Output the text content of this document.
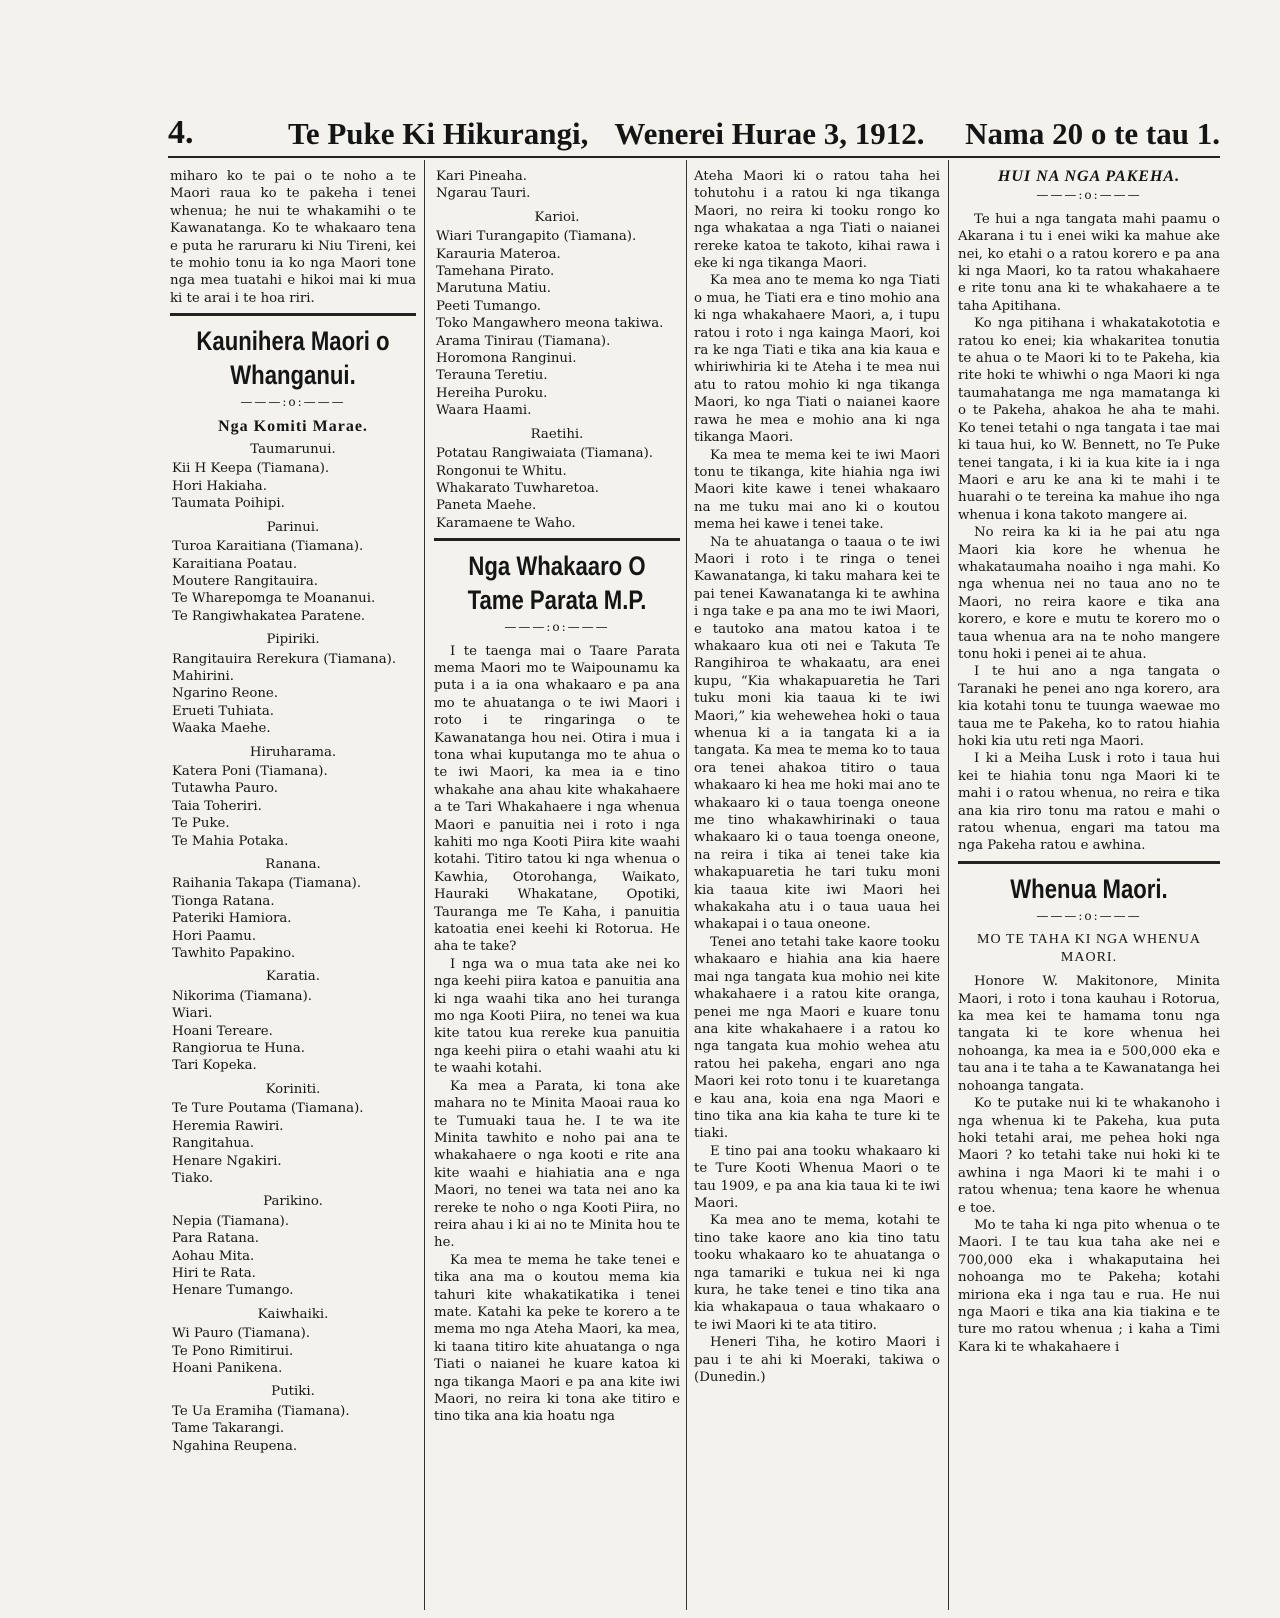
4.	Te Puke Ki Hikurangi, Wenerei Hurae 3, 1912. Nama 20 o te tau 1.

miharo ko te pai o te noho a te Maori raua ko te pakeha i tenei whenua; he nui te whakamihi o te Kawanatanga. Ko te whakaaro tena e puta he raruraru ki Niu Tireni, kei te mohio tonu ia ko nga Maori tone nga mea tuatahi e hikoi mai ki mua ki te arai i te hoa riri.

Kaunihera Maori o Whanganui.
———:o:———
Nga Komiti Marae.
Taumarunui.
Kii H Keepa (Tiamana).
Hori Hakiaha.
Taumata Poihipi.
Parinui.
Turoa Karaitiana (Tiamana).
Karaitiana Poatau.
Moutere Rangitauira.
Te Wharepomga te Moananui.
Te Rangiwhakatea Paratene.
Pipiriki.
Rangitauira Rerekura (Tiamana).
Mahirini.
Ngarino Reone.
Erueti Tuhiata.
Waaka Maehe.
Hiruharama.
Katera Poni (Tiamana).
Tutawha Pauro.
Taia Toheriri.
Te Puke.
Te Mahia Potaka.
Ranana.
Raihania Takapa (Tiamana).
Tionga Ratana.
Pateriki Hamiora.
Hori Paamu.
Tawhito Papakino.
Karatia.
Nikorima (Tiamana).
Wiari.
Hoani Tereare.
Rangiorua te Huna.
Tari Kopeka.
Koriniti.
Te Ture Poutama (Tiamana).
Heremia Rawiri.
Rangitahua.
Henare Ngakiri.
Tiako.
Parikino.
Nepia (Tiamana).
Para Ratana.
Aohau Mita.
Hiri te Rata.
Henare Tumango.
Kaiwhaiki.
Wi Pauro (Tiamana).
Te Pono Rimitirui.
Hoani Panikena.
Putiki.
Te Ua Eramiha (Tiamana).
Tame Takarangi.
Ngahina Reupena.
Kari Pineaha.
Ngarau Tauri.
Karioi.
Wiari Turangapito (Tiamana).
Karauria Materoa.
Tamehana Pirato.
Marutuna Matiu.
Peeti Tumango.
Toko Mangawhero meona takiwa.
Arama Tinirau (Tiamana).
Horomona Ranginui.
Terauna Teretiu.
Hereiha Puroku.
Waara Haami.
Raetihi.
Potatau Rangiwaiata (Tiamana).
Rongonui te Whitu.
Whakarato Tuwharetoa.
Paneta Maehe.
Karamaene te Waho.
Nga Whakaaro O Tame Parata M.P.
———:o:———

I te taenga mai o Taare Parata mema Maori mo te Waipounamu ka puta i a ia ona whakaaro e pa ana mo te ahuatanga o te iwi Maori i roto i te ringaringa o te Kawanatanga hou nei. Otira i mua i tona whai kuputanga mo te ahua o te iwi Maori, ka mea ia e tino whakahe ana ahau kite whakahaere a te Tari Whakahaere i nga whenua Maori e panuitia nei i roto i nga kahiti mo nga Kooti Piira kite waahi kotahi. Titiro tatou ki nga whenua o Kawhia, Otorohanga, Waikato, Hauraki Whakatane, Opotiki, Tauranga me Te Kaha, i panuitia katoatia enei keehi ki Rotorua. He aha te take?

I nga wa o mua tata ake nei ko nga keehi piira katoa e panuitia ana ki nga waahi tika ano hei turanga mo nga Kooti Piira, no tenei wa kua kite tatou kua rereke kua panuitia nga keehi piira o etahi waahi atu ki te waahi kotahi.

Ka mea a Parata, ki tona ake mahara no te Minita Maoai raua ko te Tumuaki taua he. I te wa ite Minita tawhito e noho pai ana te whakahaere o nga kooti e rite ana kite waahi e hiahiatia ana e nga Maori, no tenei wa tata nei ano ka rereke te noho o nga Kooti Piira, no reira ahau i ki ai no te Minita hou te he.

Ka mea te mema he take tenei e tika ana ma o koutou mema kia tahuri kite whakatikatika i tenei mate. Katahi ka peke te korero a te mema mo nga Ateha Maori, ka mea, ki taana titiro kite ahuatanga o nga Tiati o naianei he kuare katoa ki nga tikanga Maori e pa ana kite iwi Maori, no reira ki tona ake titiro e tino tika ana kia hoatu nga

Ateha Maori ki o ratou taha hei tohutohu i a ratou ki nga tikanga Maori, no reira ki tooku rongo ko nga whakataa a nga Tiati o naianei rereke katoa te takoto, kihai rawa i eke ki nga tikanga Maori.

Ka mea ano te mema ko nga Tiati o mua, he Tiati era e tino mohio ana ki nga whakahaere Maori, a, i tupu ratou i roto i nga kainga Maori, koi ra ke nga Tiati e tika ana kia kaua e whiriwhiria ki te Ateha i te mea nui atu to ratou mohio ki nga tikanga Maori, ko nga Tiati o naianei kaore rawa he mea e mohio ana ki nga tikanga Maori.

Ka mea te mema kei te iwi Maori tonu te tikanga, kite hiahia nga iwi Maori kite kawe i tenei whakaaro na me tuku mai ano ki o koutou mema hei kawe i tenei take.

Na te ahuatanga o taaua o te iwi Maori i roto i te ringa o tenei Kawanatanga, ki taku mahara kei te pai tenei Kawanatanga ki te awhina i nga take e pa ana mo te iwi Maori, e tautoko ana matou katoa i te whakaaro kua oti nei e Takuta Te Rangihiroa te whakaatu, ara enei kupu, “Kia whakapuaretia he Tari tuku moni kia taaua ki te iwi Maori,” kia wehewehea hoki o taua whenua ki a ia tangata ki a ia tangata. Ka mea te mema ko to taua ora tenei ahakoa titiro o taua whakaaro ki hea me hoki mai ano te whakaaro ki o taua toenga oneone me tino whakawhirinaki o taua whakaaro ki o taua toenga oneone, na reira i tika ai tenei take kia whakapuaretia he tari tuku moni kia taaua kite iwi Maori hei whakakaha atu i o taua uaua hei whakapai i o taua oneone.

Tenei ano tetahi take kaore tooku whakaaro e hiahia ana kia haere mai nga tangata kua mohio nei kite whakahaere i a ratou kite oranga, penei me nga Maori e kuare tonu ana kite whakahaere i a ratou ko nga tangata kua mohio wehea atu ratou hei pakeha, engari ano nga Maori kei roto tonu i te kuaretanga e kau ana, koia ena nga Maori e tino tika ana kia kaha te ture ki te tiaki.

E tino pai ana tooku whakaaro ki te Ture Kooti Whenua Maori o te tau 1909, e pa ana kia taua ki te iwi Maori.

Ka mea ano te mema, kotahi te tino take kaore ano kia tino tatu tooku whakaaro ko te ahuatanga o nga tamariki e tukua nei ki nga kura, he take tenei e tino tika ana kia whakapaua o taua whakaaro o te iwi Maori ki te ata titiro.

Heneri Tiha, he kotiro Maori i pau i te ahi ki Moeraki, takiwa o (Dunedin.)

HUI NA NGA PAKEHA.
———:o:———

Te hui a nga tangata mahi paamu o Akarana i tu i enei wiki ka mahue ake nei, ko etahi o a ratou korero e pa ana ki nga Maori, ko ta ratou whakahaere e rite tonu ana ki te whakahaere a te taha Apitihana.

Ko nga pitihana i whakatakototia e ratou ko enei; kia whakaritea tonutia te ahua o te Maori ki to te Pakeha, kia rite hoki te whiwhi o nga Maori ki nga taumahatanga me nga mamatanga ki o te Pakeha, ahakoa he aha te mahi. Ko tenei tetahi o nga tangata i tae mai ki taua hui, ko W. Bennett, no Te Puke tenei tangata, i ki ia kua kite ia i nga Maori e aru ke ana ki te mahi i te huarahi o te tereina ka mahue iho nga whenua i kona takoto mangere ai.

No reira ka ki ia he pai atu nga Maori kia kore he whenua he whakataumaha noaiho i nga mahi. Ko nga whenua nei no taua ano no te Maori, no reira kaore e tika ana korero, e kore e mutu te korero mo o taua whenua ara na te noho mangere tonu hoki i penei ai te ahua.

I te hui ano a nga tangata o Taranaki he penei ano nga korero, ara kia kotahi tonu te tuunga waewae mo taua me te Pakeha, ko to ratou hiahia hoki kia utu reti nga Maori.

I ki a Meiha Lusk i roto i taua hui kei te hiahia tonu nga Maori ki te mahi i o ratou whenua, no reira e tika ana kia riro tonu ma ratou e mahi o ratou whenua, engari ma tatou ma nga Pakeha ratou e awhina.

Whenua Maori.
———:o:———
MO TE TAHA KI NGA WHENUA MAORI.

Honore W. Makitonore, Minita Maori, i roto i tona kauhau i Rotorua, ka mea kei te hamama tonu nga tangata ki te kore whenua hei nohoanga, ka mea ia e 500,000 eka e tau ana i te taha a te Kawanatanga hei nohoanga tangata.

Ko te putake nui ki te whakanoho i nga whenua ki te Pakeha, kua puta hoki tetahi arai, me pehea hoki nga Maori ? ko tetahi take nui hoki ki te awhina i nga Maori ki te mahi i o ratou whenua; tena kaore he whenua e toe.

Mo te taha ki nga pito whenua o te Maori. I te tau kua taha ake nei e 700,000 eka i whakaputaina hei nohoanga mo te Pakeha; kotahi miriona eka i nga tau e rua. He nui nga Maori e tika ana kia tiakina e te ture mo ratou whenua ; i kaha a Timi Kara ki te whakahaere i
